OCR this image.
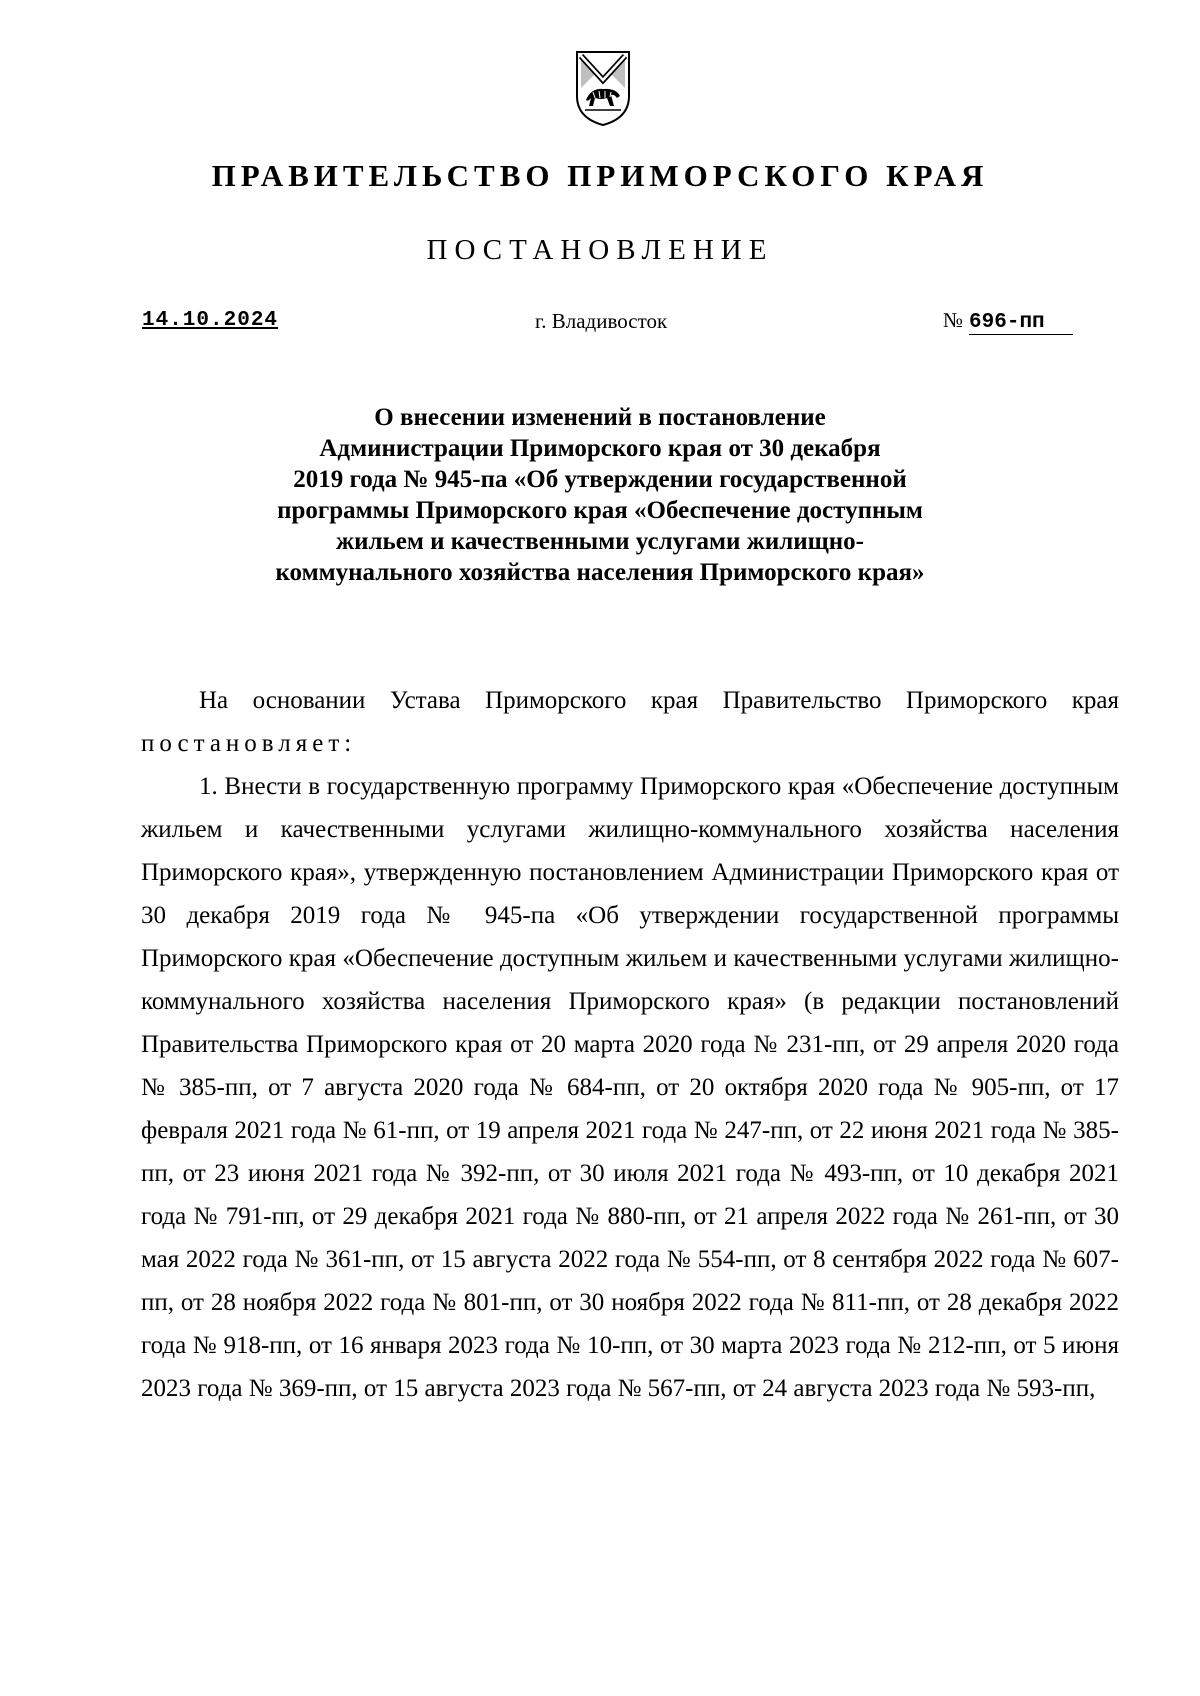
ПРАВИТЕЛЬСТВО ПРИМОРСКОГО КРАЯ
ПОСТАНОВЛЕНИЕ
14.10.2024	г. Владивосток	№ 696-пп
О внесении изменений в постановление
Администрации Приморского края от 30 декабря
2019 года № 945-па «Об утверждении государственной
программы Приморского края «Обеспечение доступным
жильем и качественными услугами жилищно-
коммунального хозяйства населения Приморского края»

На основании Устава Приморского края Правительство Приморского края постановляет:

1. Внести в государственную программу Приморского края «Обеспечение доступным жильем и качественными услугами жилищно-коммунального хозяйства населения Приморского края», утвержденную постановлением Администрации Приморского края от 30 декабря 2019 года № 945-па «Об утверждении государственной программы Приморского края «Обеспечение доступным жильем и качественными услугами жилищно-коммунального хозяйства населения Приморского края» (в редакции постановлений Правительства Приморского края от 20 марта 2020 года № 231-пп, от 29 апреля 2020 года № 385-пп, от 7 августа 2020 года № 684-пп, от 20 октября 2020 года № 905-пп, от 17 февраля 2021 года № 61-пп, от 19 апреля 2021 года № 247-пп, от 22 июня 2021 года № 385-пп, от 23 июня 2021 года № 392-пп, от 30 июля 2021 года № 493-пп, от 10 декабря 2021 года № 791-пп, от 29 декабря 2021 года № 880-пп, от 21 апреля 2022 года № 261-пп, от 30 мая 2022 года № 361-пп, от 15 августа 2022 года № 554-пп, от 8 сентября 2022 года № 607-пп, от 28 ноября 2022 года № 801-пп, от 30 ноября 2022 года № 811-пп, от 28 декабря 2022 года № 918-пп, от 16 января 2023 года № 10-пп, от 30 марта 2023 года № 212-пп, от 5 июня 2023 года № 369-пп, от 15 августа 2023 года № 567-пп, от 24 августа 2023 года № 593-пп,
